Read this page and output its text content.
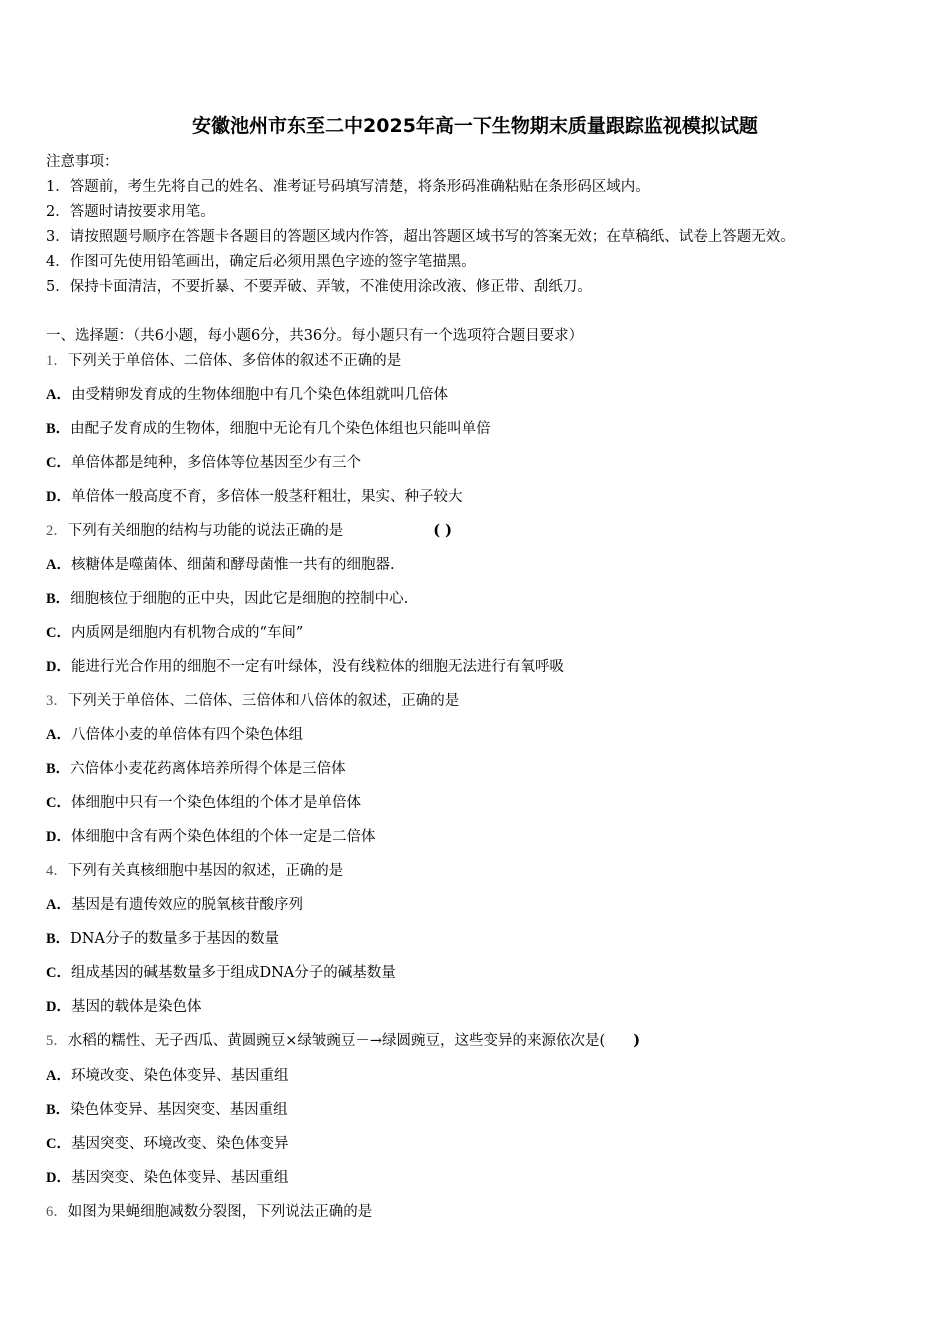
安徽池州市东至二中2025年高一下生物期末质量跟踪监视模拟试题
注意事项：
1．答题前，考生先将自己的姓名、准考证号码填写清楚，将条形码准确粘贴在条形码区域内。
2．答题时请按要求用笔。
3．请按照题号顺序在答题卡各题目的答题区域内作答，超出答题区域书写的答案无效；在草稿纸、试卷上答题无效。
4．作图可先使用铅笔画出，确定后必须用黑色字迹的签字笔描黑。
5．保持卡面清洁，不要折暴、不要弄破、弄皱，不准使用涂改液、修正带、刮纸刀。
一、选择题：（共6小题，每小题6分，共36分。每小题只有一个选项符合题目要求）
1．下列关于单倍体、二倍体、多倍体的叙述不正确的是
A．由受精卵发育成的生物体细胞中有几个染色体组就叫几倍体
B．由配子发育成的生物体，细胞中无论有几个染色体组也只能叫单倍
C．单倍体都是纯种，多倍体等位基因至少有三个
D．单倍体一般高度不育，多倍体一般茎秆粗壮，果实、种子较大
2．下列有关细胞的结构与功能的说法正确的是	( )
A．核糖体是噬菌体、细菌和酵母菌惟一共有的细胞器.
B．细胞核位于细胞的正中央，因此它是细胞的控制中心.
C．内质网是细胞内有机物合成的“车间”
D．能进行光合作用的细胞不一定有叶绿体，没有线粒体的细胞无法进行有氧呼吸
3．下列关于单倍体、二倍体、三倍体和八倍体的叙述，正确的是
A．八倍体小麦的单倍体有四个染色体组
B．六倍体小麦花药离体培养所得个体是三倍体
C．体细胞中只有一个染色体组的个体才是单倍体
D．体细胞中含有两个染色体组的个体一定是二倍体
4．下列有关真核细胞中基因的叙述，正确的是
A．基因是有遗传效应的脱氧核苷酸序列
B．DNA分子的数量多于基因的数量
C．组成基因的碱基数量多于组成DNA分子的碱基数量
D．基因的载体是染色体
5．水稻的糯性、无子西瓜、黄圆豌豆×绿皱豌豆－→绿圆豌豆，这些变异的来源依次是( )
A．环境改变、染色体变异、基因重组
B．染色体变异、基因突变、基因重组
C．基因突变、环境改变、染色体变异
D．基因突变、染色体变异、基因重组
6．如图为果蝇细胞减数分裂图，下列说法正确的是
